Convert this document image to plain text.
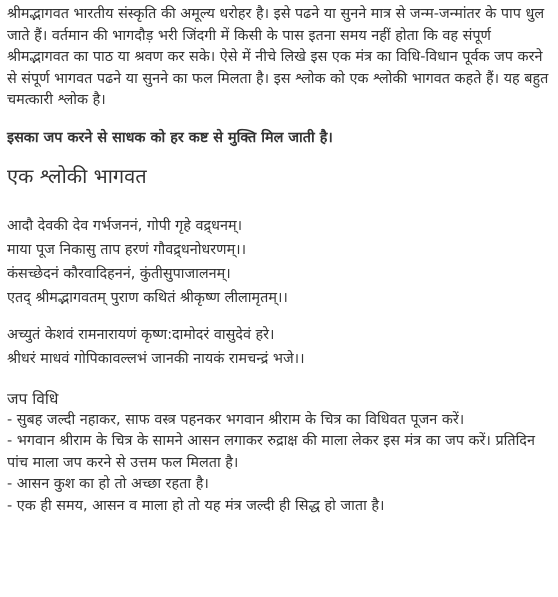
श्रीमद्भागवत भारतीय संस्कृति की अमूल्य धरोहर है। इसे पढने या सुनने मात्र से जन्म-जन्मांतर के पाप धुल जाते हैं। वर्तमान की भागदौड़ भरी जिंदगी में किसी के पास इतना समय नहीं होता कि वह संपूर्ण श्रीमद्भागवत का पाठ या श्रवण कर सके। ऐसे में नीचे लिखे इस एक मंत्र का विधि-विधान पूर्वक जप करने से संपूर्ण भागवत पढने या सुनने का फल मिलता है। इस श्लोक को एक श्लोकी भागवत कहते हैं। यह बहुत चमत्कारी श्लोक है।

इसका जप करने से साधक को हर कष्ट से मुक्ति मिल जाती है।

एक श्लोकी भागवत

आदौ देवकी देव गर्भजननं, गोपी गृहे वद्र्धनम्।

माया पूज निकासु ताप हरणं गौवद्र्धनोधरणम्।।

कंसच्छेदनं कौरवादिहननं, कुंतीसुपाजालनम्।

एतद् श्रीमद्भागवतम् पुराण कथितं श्रीकृष्ण लीलामृतम्।।

अच्युतं केशवं रामनारायणं कृष्ण:दामोदरं वासुदेवं हरे।

श्रीधरं माधवं गोपिकावल्लभं जानकी नायकं रामचन्द्रं भजे।।

जप विधि

- सुबह जल्दी नहाकर, साफ वस्त्र पहनकर भगवान श्रीराम के चित्र का विधिवत पूजन करें।

- भगवान श्रीराम के चित्र के सामने आसन लगाकर रुद्राक्ष की माला लेकर इस मंत्र का जप करें। प्रतिदिन पांच माला जप करने से उत्तम फल मिलता है।

- आसन कुश का हो तो अच्छा रहता है।

- एक ही समय, आसन व माला हो तो यह मंत्र जल्दी ही सिद्ध हो जाता है।
